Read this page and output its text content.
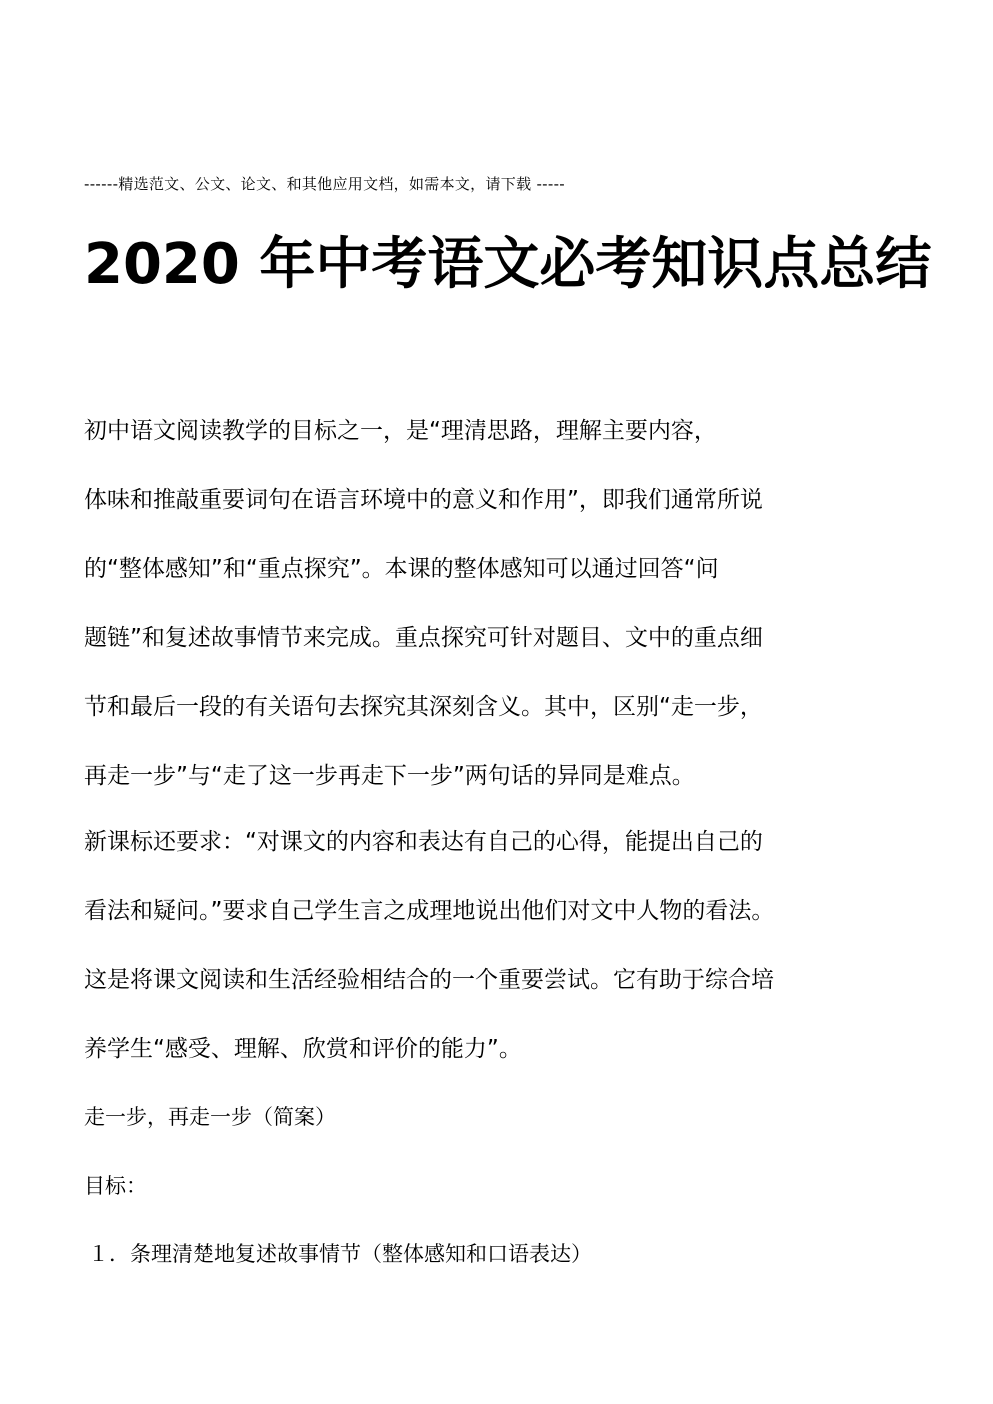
------精选范文、公文、论文、和其他应用文档，如需本文，请下载 -----
2020 年中考语文必考知识点总结
初中语文阅读教学的目标之一，是“理清思路，理解主要内容，
体味和推敲重要词句在语言环境中的意义和作用”，即我们通常所说
的“整体感知”和“重点探究”。本课的整体感知可以通过回答“问
题链”和复述故事情节来完成。重点探究可针对题目、文中的重点细
节和最后一段的有关语句去探究其深刻含义。其中，区别“走一步，
再走一步”与“走了这一步再走下一步”两句话的异同是难点。
新课标还要求：“对课文的内容和表达有自己的心得，能提出自己的
看法和疑问。”要求自己学生言之成理地说出他们对文中人物的看法。
这是将课文阅读和生活经验相结合的一个重要尝试。它有助于综合培
养学生“感受、理解、欣赏和评价的能力”。

走一步，再走一步（简案）

目标：

１．条理清楚地复述故事情节（整体感知和口语表达）
